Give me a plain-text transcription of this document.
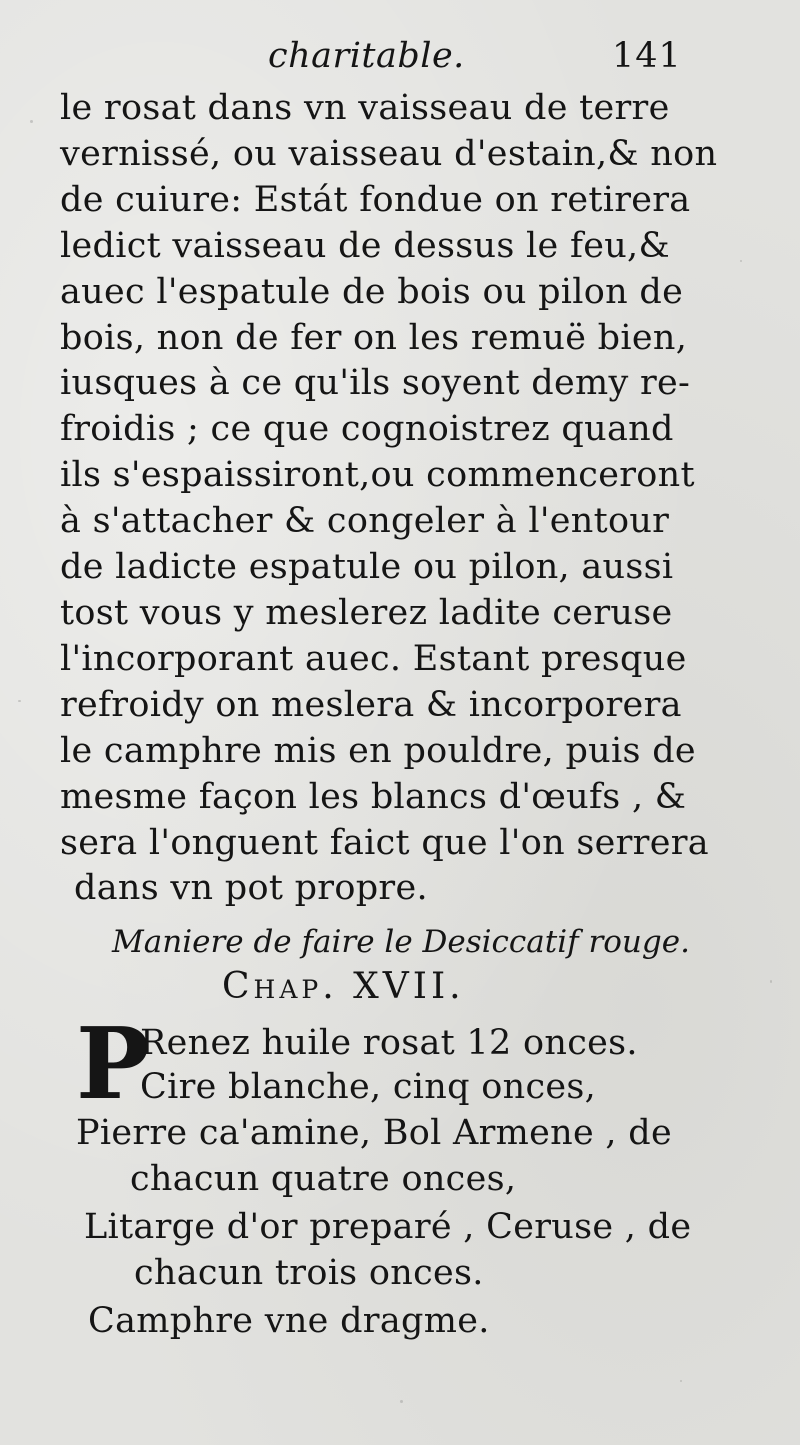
charitable.	141
le rosat dans vn vaisseau de terre
vernissé, ou vaisseau d'estain,& non
de cuiure: Estát fondue on retirera
ledict vaisseau de dessus le feu,&
auec l'espatule de bois ou pilon de
bois, non de fer on les remuë bien,
iusques à ce qu'ils soyent demy re-
froidis ; ce que cognoistrez quand
ils s'espaissiront,ou commenceront
à s'attacher & congeler à l'entour
de ladicte espatule ou pilon, aussi
tost vous y meslerez ladite ceruse
l'incorporant auec. Estant presque
refroidy on meslera & incorporera
le camphre mis en pouldre, puis de
mesme façon les blancs d'œufs , &
sera l'onguent faict que l'on serrera
dans vn pot propre.
Maniere de faire le Desiccatif rouge.
Chap. XVII.
P
Renez huile rosat 12 onces.
Cire blanche, cinq onces,
Pierre ca'amine, Bol Armene , de
chacun quatre onces,
Litarge d'or preparé , Ceruse , de
chacun trois onces.
Camphre vne dragme.
